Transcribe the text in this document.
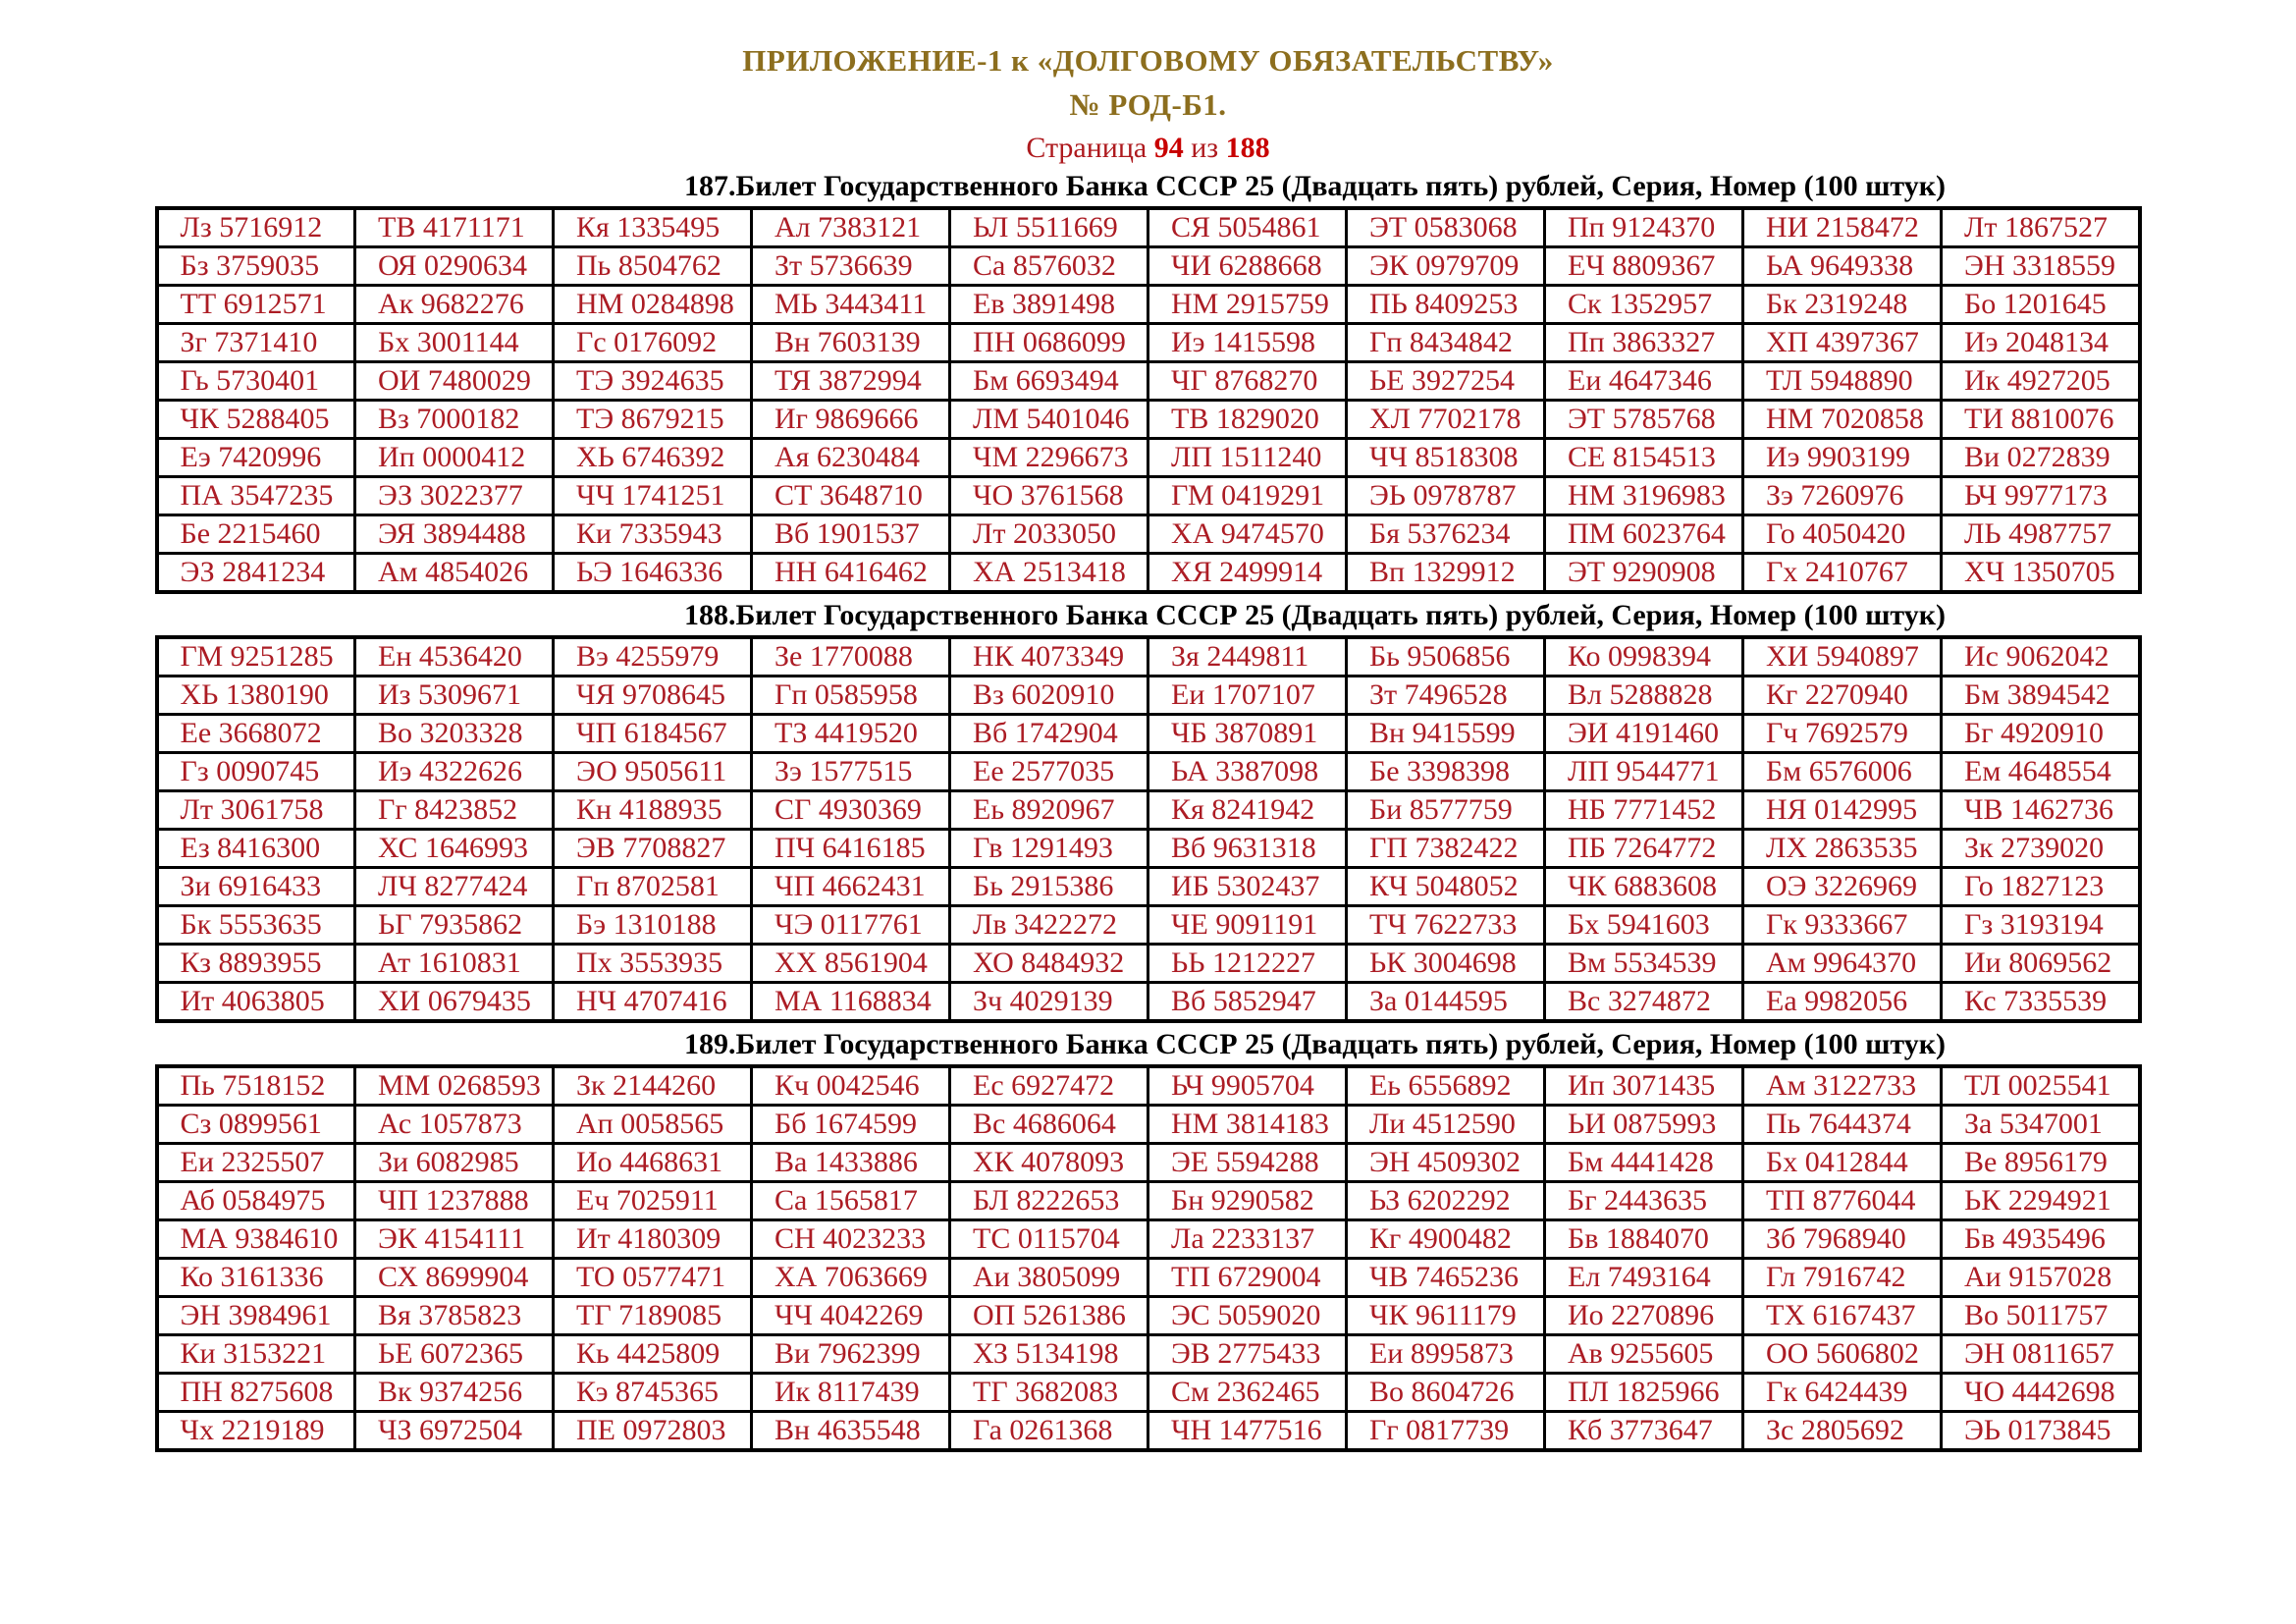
ПРИЛОЖЕНИЕ-1 к «ДОЛГОВОМУ ОБЯЗАТЕЛЬСТВУ»
№ РОД-Б1.
Страница 94 из 188
187.Билет Государственного Банка СССР 25 (Двадцать пять) рублей, Серия, Номер (100 штук)
Лз 5716912	ТВ 4171171	Кя 1335495	Ал 7383121	ЬЛ 5511669	СЯ 5054861	ЭТ 0583068	Пп 9124370	НИ 2158472	Лт 1867527
Бз 3759035	ОЯ 0290634	Пь 8504762	Зт 5736639	Са 8576032	ЧИ 6288668	ЭК 0979709	ЕЧ 8809367	ЬА 9649338	ЭН 3318559
ТТ 6912571	Ак 9682276	НМ 0284898	МЬ 3443411	Ев 3891498	НМ 2915759	ПЬ 8409253	Ск 1352957	Бк 2319248	Бо 1201645
Зг 7371410	Бх 3001144	Гс 0176092	Вн 7603139	ПН 0686099	Иэ 1415598	Гп 8434842	Пп 3863327	ХП 4397367	Иэ 2048134
Гь 5730401	ОИ 7480029	ТЭ 3924635	ТЯ 3872994	Бм 6693494	ЧГ 8768270	ЬЕ 3927254	Еи 4647346	ТЛ 5948890	Ик 4927205
ЧК 5288405	Вз 7000182	ТЭ 8679215	Иг 9869666	ЛМ 5401046	ТВ 1829020	ХЛ 7702178	ЭТ 5785768	НМ 7020858	ТИ 8810076
Еэ 7420996	Ип 0000412	ХЬ 6746392	Ая 6230484	ЧМ 2296673	ЛП 1511240	ЧЧ 8518308	СЕ 8154513	Иэ 9903199	Ви 0272839
ПА 3547235	ЭЗ 3022377	ЧЧ 1741251	СТ 3648710	ЧО 3761568	ГМ 0419291	ЭЬ 0978787	НМ 3196983	Зэ 7260976	ЬЧ 9977173
Бе 2215460	ЭЯ 3894488	Ки 7335943	Вб 1901537	Лт 2033050	ХА 9474570	Бя 5376234	ПМ 6023764	Го 4050420	ЛЬ 4987757
ЭЗ 2841234	Ам 4854026	ЬЭ 1646336	НН 6416462	ХА 2513418	ХЯ 2499914	Вп 1329912	ЭТ 9290908	Гх 2410767	ХЧ 1350705
188.Билет Государственного Банка СССР 25 (Двадцать пять) рублей, Серия, Номер (100 штук)
ГМ 9251285	Ен 4536420	Вэ 4255979	Зе 1770088	НК 4073349	Зя 2449811	Бь 9506856	Ко 0998394	ХИ 5940897	Ис 9062042
ХЬ 1380190	Из 5309671	ЧЯ 9708645	Гп 0585958	Вз 6020910	Еи 1707107	Зт 7496528	Вл 5288828	Кг 2270940	Бм 3894542
Ее 3668072	Во 3203328	ЧП 6184567	ТЗ 4419520	Вб 1742904	ЧБ 3870891	Вн 9415599	ЭИ 4191460	Гч 7692579	Бг 4920910
Гз 0090745	Иэ 4322626	ЭО 9505611	Зэ 1577515	Ее 2577035	ЬА 3387098	Бе 3398398	ЛП 9544771	Бм 6576006	Ем 4648554
Лт 3061758	Гг 8423852	Кн 4188935	СГ 4930369	Еь 8920967	Кя 8241942	Би 8577759	НБ 7771452	НЯ 0142995	ЧВ 1462736
Ез 8416300	ХС 1646993	ЭВ 7708827	ПЧ 6416185	Гв 1291493	Вб 9631318	ГП 7382422	ПБ 7264772	ЛХ 2863535	Зк 2739020
Зи 6916433	ЛЧ 8277424	Гп 8702581	ЧП 4662431	Бь 2915386	ИБ 5302437	КЧ 5048052	ЧК 6883608	ОЭ 3226969	Го 1827123
Бк 5553635	ЬГ 7935862	Бэ 1310188	ЧЭ 0117761	Лв 3422272	ЧЕ 9091191	ТЧ 7622733	Бх 5941603	Гк 9333667	Гз 3193194
Кз 8893955	Ат 1610831	Пх 3553935	ХХ 8561904	ХО 8484932	ЬЬ 1212227	ЬК 3004698	Вм 5534539	Ам 9964370	Ии 8069562
Ит 4063805	ХИ 0679435	НЧ 4707416	МА 1168834	Зч 4029139	Вб 5852947	За 0144595	Вс 3274872	Еа 9982056	Кс 7335539
189.Билет Государственного Банка СССР 25 (Двадцать пять) рублей, Серия, Номер (100 штук)
Пь 7518152	ММ 0268593	Зк 2144260	Кч 0042546	Ес 6927472	ЬЧ 9905704	Еь 6556892	Ип 3071435	Ам 3122733	ТЛ 0025541
Сз 0899561	Ас 1057873	Ап 0058565	Бб 1674599	Вс 4686064	НМ 3814183	Ли 4512590	ЬИ 0875993	Пь 7644374	За 5347001
Еи 2325507	Зи 6082985	Ио 4468631	Ва 1433886	ХК 4078093	ЭЕ 5594288	ЭН 4509302	Бм 4441428	Бх 0412844	Ве 8956179
Аб 0584975	ЧП 1237888	Еч 7025911	Са 1565817	БЛ 8222653	Бн 9290582	ЬЗ 6202292	Бг 2443635	ТП 8776044	ЬК 2294921
МА 9384610	ЭК 4154111	Ит 4180309	СН 4023233	ТС 0115704	Ла 2233137	Кг 4900482	Бв 1884070	Зб 7968940	Бв 4935496
Ко 3161336	СХ 8699904	ТО 0577471	ХА 7063669	Аи 3805099	ТП 6729004	ЧВ 7465236	Ел 7493164	Гл 7916742	Аи 9157028
ЭН 3984961	Вя 3785823	ТГ 7189085	ЧЧ 4042269	ОП 5261386	ЭС 5059020	ЧК 9611179	Ио 2270896	ТХ 6167437	Во 5011757
Ки 3153221	ЬЕ 6072365	Кь 4425809	Ви 7962399	ХЗ 5134198	ЭВ 2775433	Еи 8995873	Ав 9255605	ОО 5606802	ЭН 0811657
ПН 8275608	Вк 9374256	Кэ 8745365	Ик 8117439	ТГ 3682083	См 2362465	Во 8604726	ПЛ 1825966	Гк 6424439	ЧО 4442698
Чх 2219189	ЧЗ 6972504	ПЕ 0972803	Вн 4635548	Га 0261368	ЧН 1477516	Гг 0817739	Кб 3773647	Зс 2805692	ЭЬ 0173845
